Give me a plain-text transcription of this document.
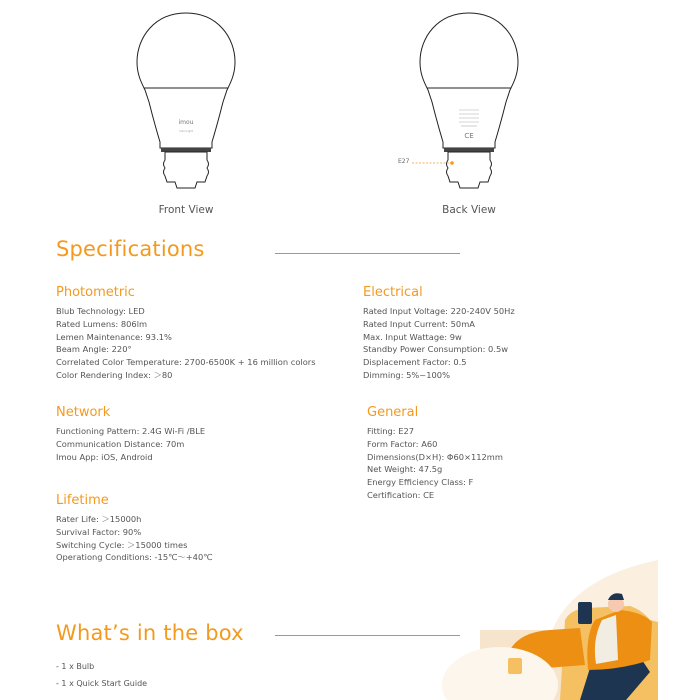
imou
Color Light
Front View
CE
E27
Back View
Specifications
Photometric
Blub Technology: LED
Rated Lumens: 806lm
Lemen Maintenance: 93.1%
Beam Angle: 220°
Correlated Color Temperature: 2700-6500K + 16 million colors
Color Rendering Index: ＞80
Electrical
Rated Input Voltage: 220-240V 50Hz
Rated Input Current: 50mA
Max. Input Wattage: 9w
Standby Power Consumption: 0.5w
Displacement Factor: 0.5
Dimming: 5%~100%
Network
Functioning Pattern: 2.4G Wi-Fi /BLE
Communication Distance: 70m
Imou App: iOS, Android
General
Fitting: E27
Form Factor: A60
Dimensions(D×H): Φ60×112mm
Net Weight: 47.5g
Energy Efficiency Class: F
Certification: CE
Lifetime
Rater Life: ＞15000h
Survival Factor: 90%
Switching Cycle: ＞15000 times
Operationg Conditions: -15℃～+40℃
What’s in the box
- 1 x Bulb
- 1 x Quick Start Guide
